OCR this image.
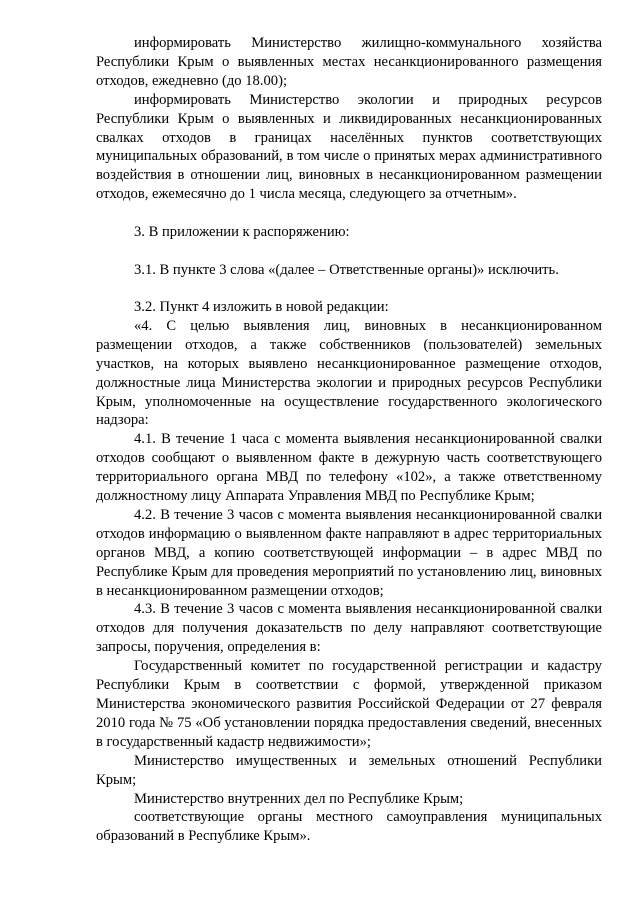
информировать Министерство жилищно-коммунального хозяйства Республики Крым о выявленных местах несанкционированного размещения отходов, ежедневно (до 18.00);

информировать Министерство экологии и природных ресурсов Республики Крым о выявленных и ликвидированных несанкционированных свалках отходов в границах населённых пунктов соответствующих муниципальных образований, в том числе о принятых мерах административного воздействия в отношении лиц, виновных в несанкционированном размещении отходов, ежемесячно до 1 числа месяца, следующего за отчетным».

3. В приложении к распоряжению:

3.1. В пункте 3 слова «(далее – Ответственные органы)» исключить.

3.2. Пункт 4 изложить в новой редакции:

«4. С целью выявления лиц, виновных в несанкционированном размещении отходов, а также собственников (пользователей) земельных участков, на которых выявлено несанкционированное размещение отходов, должностные лица Министерства экологии и природных ресурсов Республики Крым, уполномоченные на осуществление государственного экологического надзора:

4.1. В течение 1 часа с момента выявления несанкционированной свалки отходов сообщают о выявленном факте в дежурную часть соответствующего территориального органа МВД по телефону «102», а также ответственному должностному лицу Аппарата Управления МВД по Республике Крым;

4.2. В течение 3 часов с момента выявления несанкционированной свалки отходов информацию о выявленном факте направляют в адрес территориальных органов МВД, а копию соответствующей информации – в адрес МВД по Республике Крым для проведения мероприятий по установлению лиц, виновных в несанкционированном размещении отходов;

4.3. В течение 3 часов с момента выявления несанкционированной свалки отходов для получения доказательств по делу направляют соответствующие запросы, поручения, определения в:

Государственный комитет по государственной регистрации и кадастру Республики Крым в соответствии с формой, утвержденной приказом Министерства экономического развития Российской Федерации от 27 февраля 2010 года № 75 «Об установлении порядка предоставления сведений, внесенных в государственный кадастр недвижимости»;

Министерство имущественных и земельных отношений Республики Крым;

Министерство внутренних дел по Республике Крым;

соответствующие органы местного самоуправления муниципальных образований в Республике Крым».
